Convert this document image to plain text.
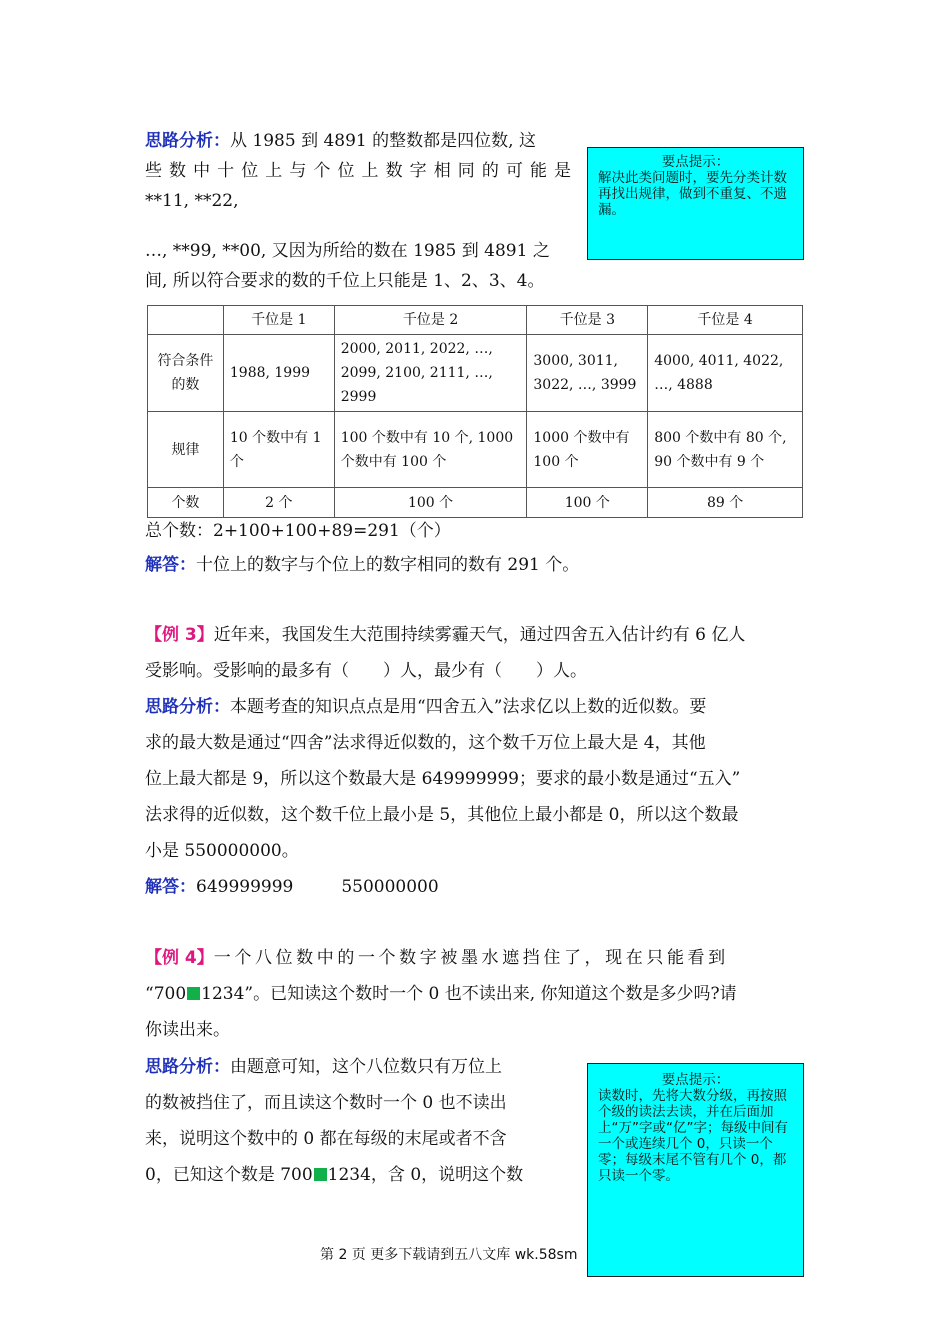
思路分析：从 1985 到 4891 的整数都是四位数, 这
些数中十位上与个位上数字相同的可能是
**11, **22,
…, **99, **00, 又因为所给的数在 1985 到 4891 之
间, 所以符合要求的数的千位上只能是 1、2、3、4。
要点提示：
解决此类问题时，要先分类计数再找出规律，做到不重复、不遗漏。
	千位是 1	千位是 2	千位是 3	千位是 4
符合条件的数	1988, 1999	2000, 2011, 2022, …, 2099, 2100, 2111, …, 2999	3000, 3011, 3022, …, 3999	4000, 4011, 4022, …, 4888
规律	10 个数中有 1 个	100 个数中有 10 个, 1000 个数中有 100 个	1000 个数中有 100 个	800 个数中有 80 个,
90 个数中有 9 个

个数	2 个	100 个	100 个	89 个
总个数：2+100+100+89=291（个）
解答：十位上的数字与个位上的数字相同的数有 291 个。
【例 3】近年来，我国发生大范围持续雾霾天气，通过四舍五入估计约有 6 亿人
受影响。受影响的最多有（　　）人，最少有（　　）人。
思路分析：本题考查的知识点点是用“四舍五入”法求亿以上数的近似数。要
求的最大数是通过“四舍”法求得近似数的，这个数千万位上最大是 4，其他
位上最大都是 9，所以这个数最大是 649999999；要求的最小数是通过“五入”
法求得的近似数，这个数千位上最小是 5，其他位上最小都是 0，所以这个数最
小是 550000000。
解答：649999999	550000000
【例 4】一个八位数中的一个数字被墨水遮挡住了，现在只能看到
“700 1234”。已知读这个数时一个 0 也不读出来, 你知道这个数是多少吗?请
你读出来。
思路分析：由题意可知，这个八位数只有万位上
的数被挡住了，而且读这个数时一个 0 也不读出
来，说明这个数中的 0 都在每级的末尾或者不含
0，已知这个数是 700 1234，含 0，说明这个数
第 2 页 更多下载请到五八文库 wk.58sm
要点提示：
读数时，先将大数分级，再按照个级的读法去读，并在后面加上“万”字或“亿”字；每级中间有一个或连续几个 0，只读一个零；每级末尾不管有几个 0，都只读一个零。
